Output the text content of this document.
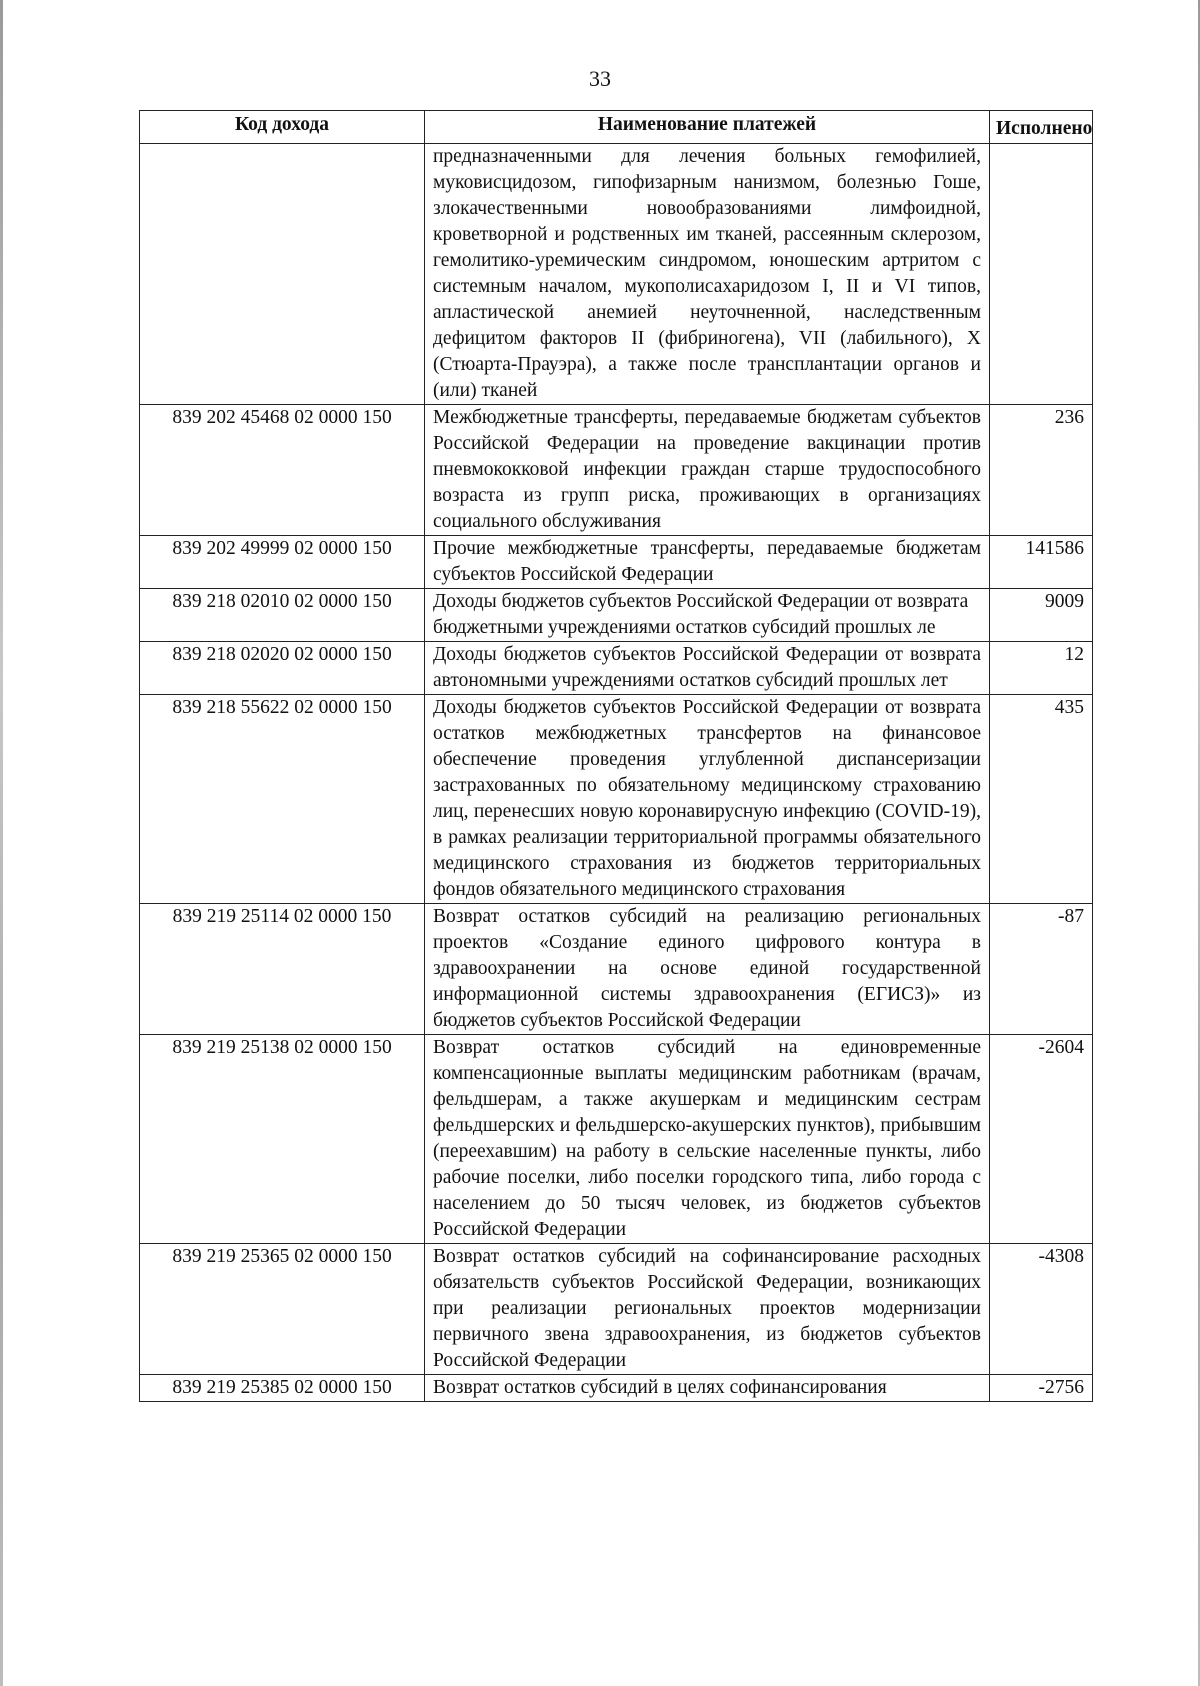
33
Код дохода	Наименование платежей	Исполнено
	предназначенными для лечения больных гемофилией, муковисцидозом, гипофизарным нанизмом, болезнью Гоше, злокачественными новообразованиями лимфоидной, кроветворной и родственных им тканей, рассеянным склерозом, гемолитико-уремическим синдромом, юношеским артритом с системным началом, мукополисахаридозом I, II и VI типов, апластической анемией неуточненной, наследственным дефицитом факторов II (фибриногена), VII (лабильного), X (Стюарта-Прауэра), а также после трансплантации органов и (или) тканей	
839 202 45468 02 0000 150	Межбюджетные трансферты, передаваемые бюджетам субъектов Российской Федерации на проведение вакцинации против пневмококковой инфекции граждан старше трудоспособного возраста из групп риска, проживающих в организациях социального обслуживания	236
839 202 49999 02 0000 150	Прочие межбюджетные трансферты, передаваемые бюджетам субъектов Российской Федерации	141586
839 218 02010 02 0000 150	Доходы бюджетов субъектов Российской Федерации от возврата бюджетными учреждениями остатков субсидий прошлых ле	9009
839 218 02020 02 0000 150	Доходы бюджетов субъектов Российской Федерации от возврата автономными учреждениями остатков субсидий прошлых лет	12
839 218 55622 02 0000 150	Доходы бюджетов субъектов Российской Федерации от возврата остатков межбюджетных трансфертов на финансовое обеспечение проведения углубленной диспансеризации застрахованных по обязательному медицинскому страхованию лиц, перенесших новую коронавирусную инфекцию (COVID-19), в рамках реализации территориальной программы обязательного медицинского страхования из бюджетов территориальных фондов обязательного медицинского страхования	435
839 219 25114 02 0000 150	Возврат остатков субсидий на реализацию региональных проектов «Создание единого цифрового контура в здравоохранении на основе единой государственной информационной системы здравоохранения (ЕГИСЗ)» из бюджетов субъектов Российской Федерации	-87
839 219 25138 02 0000 150	Возврат остатков субсидий на единовременные компенсационные выплаты медицинским работникам (врачам, фельдшерам, а также акушеркам и медицинским сестрам фельдшерских и фельдшерско-акушерских пунктов), прибывшим (переехавшим) на работу в сельские населенные пункты, либо рабочие поселки, либо поселки городского типа, либо города с населением до 50 тысяч человек, из бюджетов субъектов Российской Федерации	-2604
839 219 25365 02 0000 150	Возврат остатков субсидий на софинансирование расходных обязательств субъектов Российской Федерации, возникающих при реализации региональных проектов модернизации первичного звена здравоохранения, из бюджетов субъектов Российской Федерации	-4308
839 219 25385 02 0000 150	Возврат остатков субсидий в целях софинансирования	-2756
